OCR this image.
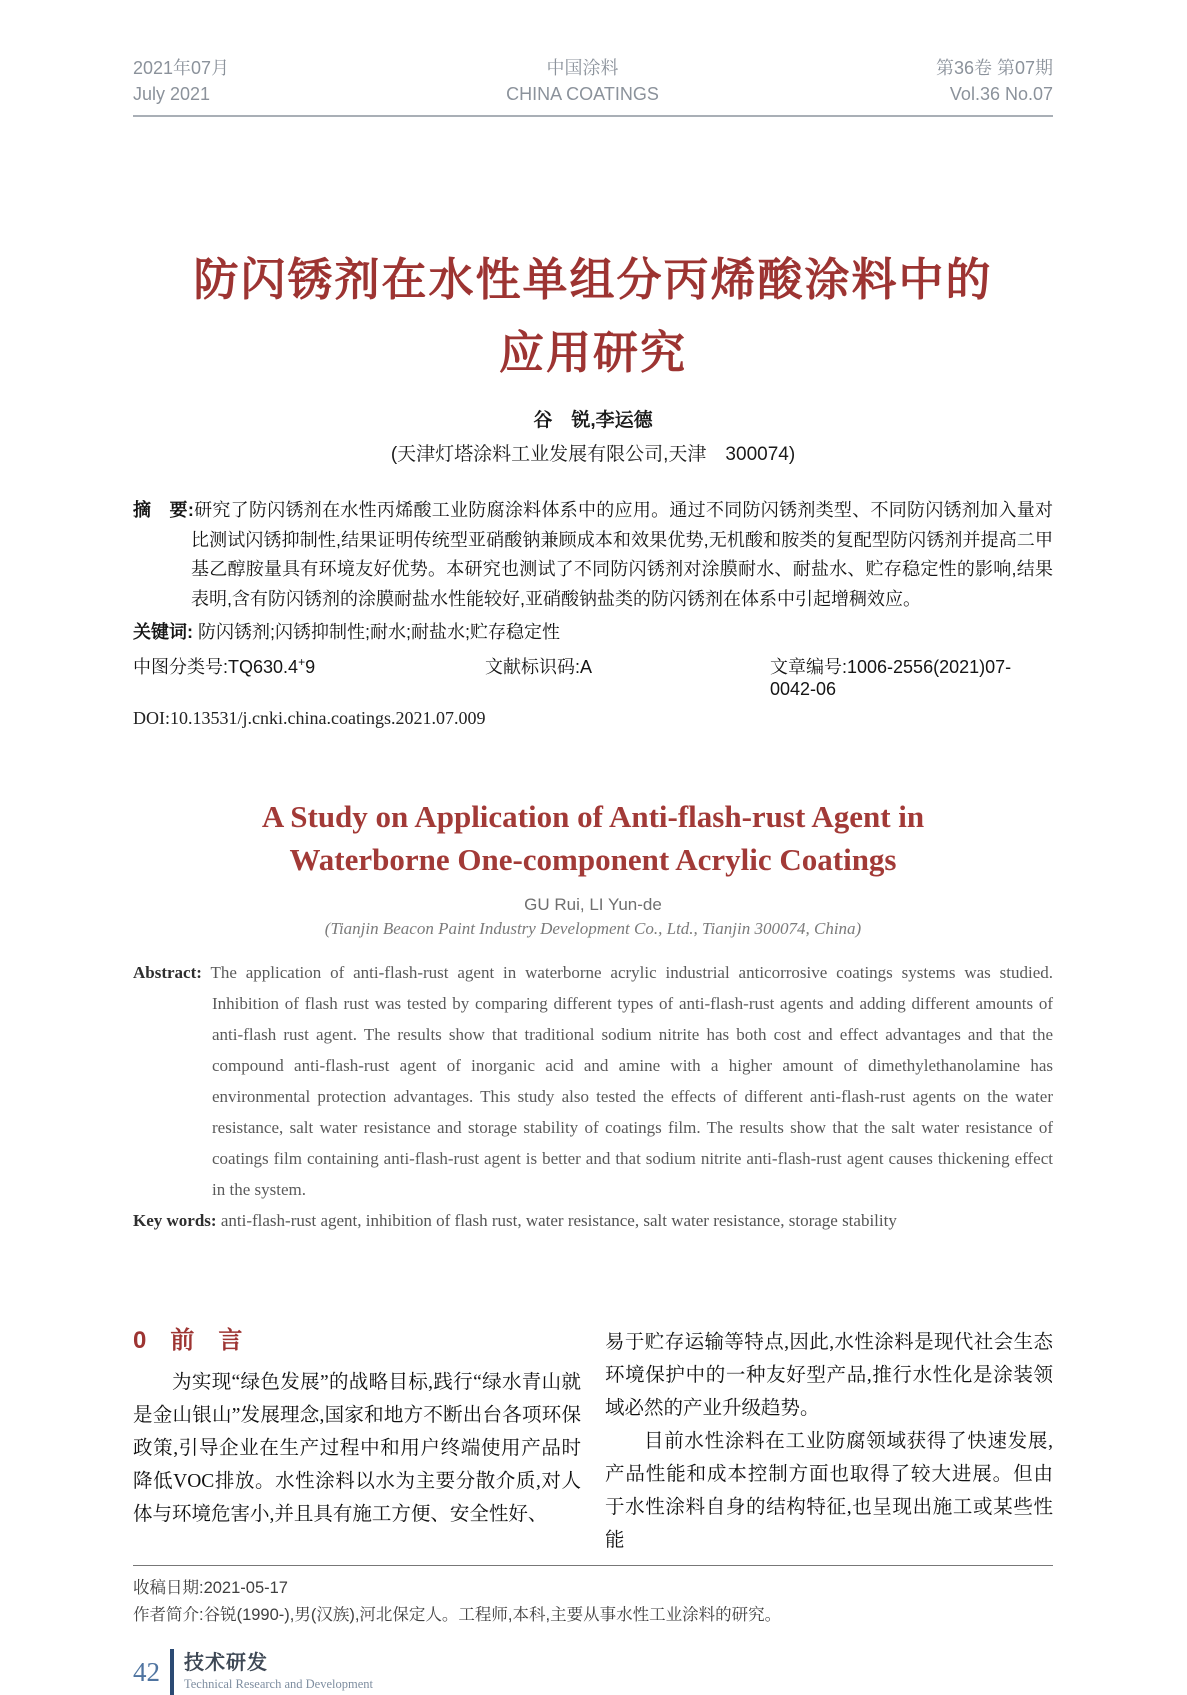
2021年07月
July 2021
中国涂料
CHINA COATINGS
第36卷 第07期
Vol.36 No.07
防闪锈剂在水性单组分丙烯酸涂料中的
应用研究
谷　锐,李运德
(天津灯塔涂料工业发展有限公司,天津　300074)
摘　要:研究了防闪锈剂在水性丙烯酸工业防腐涂料体系中的应用。通过不同防闪锈剂类型、不同防闪锈剂加入量对比测试闪锈抑制性,结果证明传统型亚硝酸钠兼顾成本和效果优势,无机酸和胺类的复配型防闪锈剂并提高二甲基乙醇胺量具有环境友好优势。本研究也测试了不同防闪锈剂对涂膜耐水、耐盐水、贮存稳定性的影响,结果表明,含有防闪锈剂的涂膜耐盐水性能较好,亚硝酸钠盐类的防闪锈剂在体系中引起增稠效应。
关键词: 防闪锈剂;闪锈抑制性;耐水;耐盐水;贮存稳定性
中图分类号:TQ630.4+9	文献标识码:A	文章编号:1006-2556(2021)07-0042-06
DOI:10.13531/j.cnki.china.coatings.2021.07.009
A Study on Application of Anti-flash-rust Agent in
Waterborne One-component Acrylic Coatings
GU Rui, LI Yun-de
(Tianjin Beacon Paint Industry Development Co., Ltd., Tianjin 300074, China)
Abstract: The application of anti-flash-rust agent in waterborne acrylic industrial anticorrosive coatings systems was studied. Inhibition of flash rust was tested by comparing different types of anti-flash-rust agents and adding different amounts of anti-flash rust agent. The results show that traditional sodium nitrite has both cost and effect advantages and that the compound anti-flash-rust agent of inorganic acid and amine with a higher amount of dimethylethanolamine has environmental protection advantages. This study also tested the effects of different anti-flash-rust agents on the water resistance, salt water resistance and storage stability of coatings film. The results show that the salt water resistance of coatings film containing anti-flash-rust agent is better and that sodium nitrite anti-flash-rust agent causes thickening effect in the system.
Key words: anti-flash-rust agent, inhibition of flash rust, water resistance, salt water resistance, storage stability
0　前　言

为实现“绿色发展”的战略目标,践行“绿水青山就是金山银山”发展理念,国家和地方不断出台各项环保政策,引导企业在生产过程中和用户终端使用产品时降低VOC排放。水性涂料以水为主要分散介质,对人体与环境危害小,并且具有施工方便、安全性好、

易于贮存运输等特点,因此,水性涂料是现代社会生态环境保护中的一种友好型产品,推行水性化是涂装领域必然的产业升级趋势。

目前水性涂料在工业防腐领域获得了快速发展,产品性能和成本控制方面也取得了较大进展。但由于水性涂料自身的结构特征,也呈现出施工或某些性能

收稿日期:2021-05-17
作者简介:谷锐(1990-),男(汉族),河北保定人。工程师,本科,主要从事水性工业涂料的研究。
42 技术研发
Technical Research and Development
